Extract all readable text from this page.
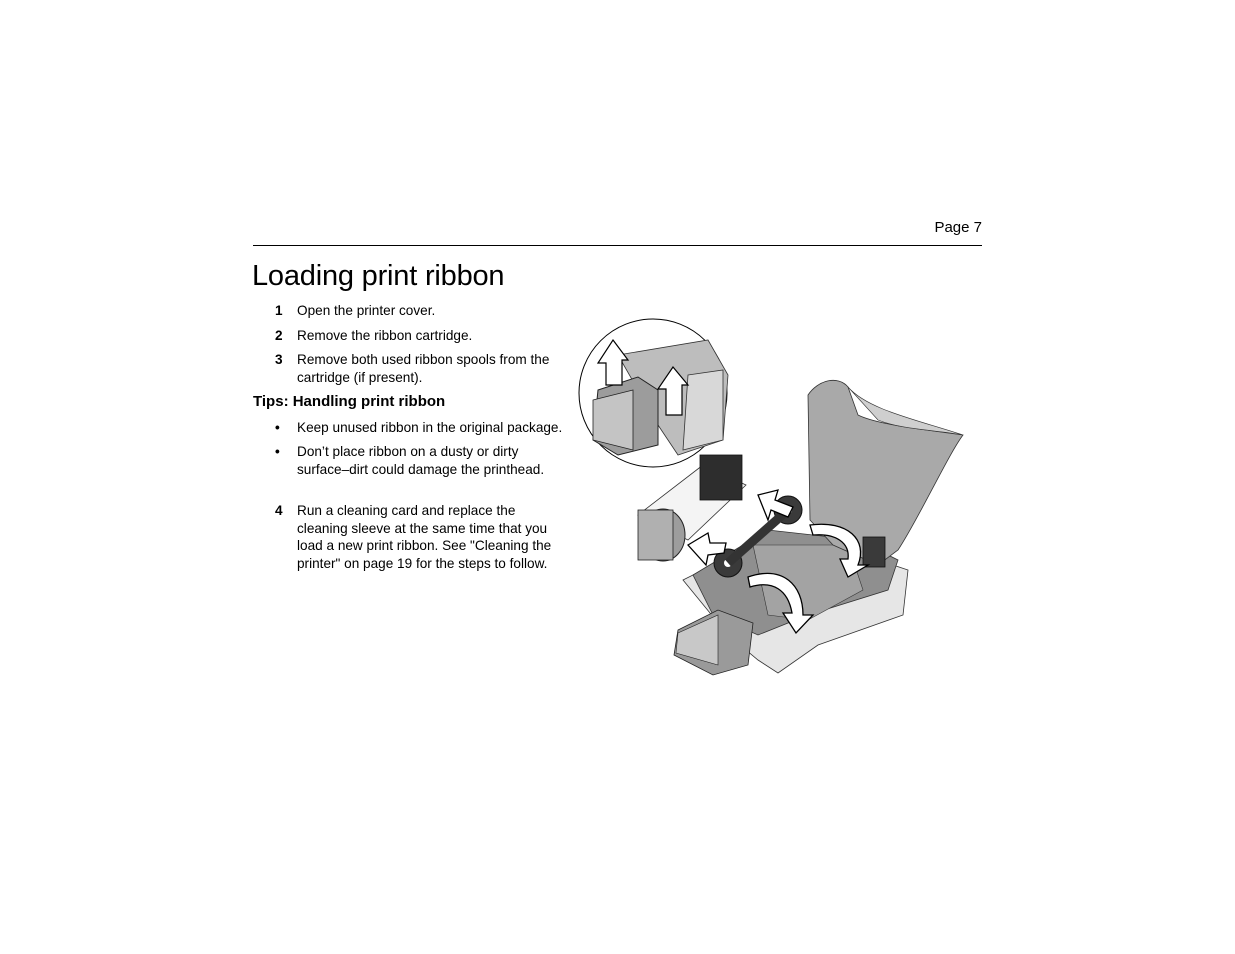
Page 7
Loading print ribbon
1 Open the printer cover.
2 Remove the ribbon cartridge.
3 Remove both used ribbon spools from the cartridge (if present).
Tips: Handling print ribbon
• Keep unused ribbon in the original package.
• Don’t place ribbon on a dusty or dirty surface–dirt could damage the printhead.
4 Run a cleaning card and replace the cleaning sleeve at the same time that you load a new print ribbon. See "Cleaning the printer" on page 19 for the steps to follow.
